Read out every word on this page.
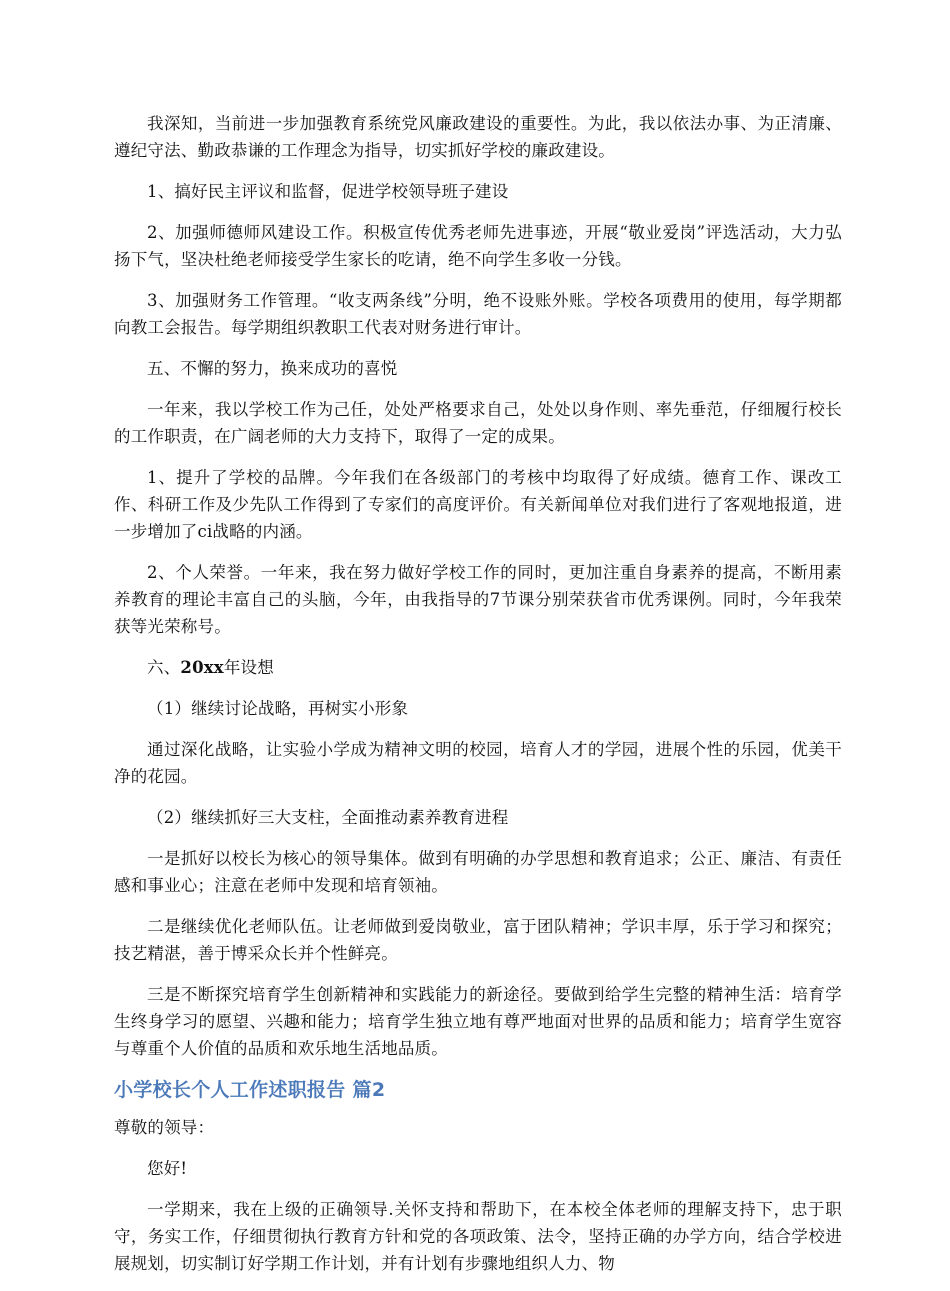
我深知，当前进一步加强教育系统党风廉政建设的重要性。为此，我以依法办事、为正清廉、遵纪守法、勤政恭谦的工作理念为指导，切实抓好学校的廉政建设。

1、搞好民主评议和监督，促进学校领导班子建设

2、加强师德师风建设工作。积极宣传优秀老师先进事迹，开展“敬业爱岗”评选活动，大力弘扬下气，坚决杜绝老师接受学生家长的吃请，绝不向学生多收一分钱。

3、加强财务工作管理。“收支两条线”分明，绝不设账外账。学校各项费用的使用，每学期都向教工会报告。每学期组织教职工代表对财务进行审计。

五、不懈的努力，换来成功的喜悦

一年来，我以学校工作为己任，处处严格要求自己，处处以身作则、率先垂范，仔细履行校长的工作职责，在广阔老师的大力支持下，取得了一定的成果。

1、提升了学校的品牌。今年我们在各级部门的考核中均取得了好成绩。德育工作、课改工作、科研工作及少先队工作得到了专家们的高度评价。有关新闻单位对我们进行了客观地报道，进一步增加了ci战略的内涵。

2、个人荣誉。一年来，我在努力做好学校工作的同时，更加注重自身素养的提高，不断用素养教育的理论丰富自己的头脑，今年，由我指导的7节课分别荣获省市优秀课例。同时，今年我荣获等光荣称号。

六、20xx年设想

（1）继续讨论战略，再树实小形象

通过深化战略，让实验小学成为精神文明的校园，培育人才的学园，进展个性的乐园，优美干净的花园。

（2）继续抓好三大支柱，全面推动素养教育进程

一是抓好以校长为核心的领导集体。做到有明确的办学思想和教育追求；公正、廉洁、有责任感和事业心；注意在老师中发现和培育领袖。

二是继续优化老师队伍。让老师做到爱岗敬业，富于团队精神；学识丰厚，乐于学习和探究；技艺精湛，善于博采众长并个性鲜亮。

三是不断探究培育学生创新精神和实践能力的新途径。要做到给学生完整的精神生活：培育学生终身学习的愿望、兴趣和能力；培育学生独立地有尊严地面对世界的品质和能力；培育学生宽容与尊重个人价值的品质和欢乐地生活地品质。

小学校长个人工作述职报告 篇2

尊敬的领导：

您好!

一学期来，我在上级的正确领导.关怀支持和帮助下，在本校全体老师的理解支持下，忠于职守，务实工作，仔细贯彻执行教育方针和党的各项政策、法令，坚持正确的办学方向，结合学校进展规划，切实制订好学期工作计划，并有计划有步骤地组织人力、物
